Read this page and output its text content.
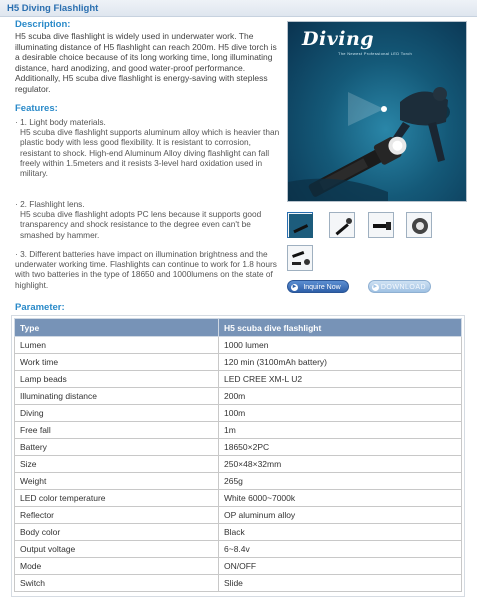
H5 Diving Flashlight
Description:
H5 scuba dive flashlight is widely used in underwater work. The illuminating distance of H5 flashlight can reach 200m. H5 dive torch is a desirable choice because of its long working time, long illuminating distance, hard anodizing, and good water-proof performance. Additionally, H5 scuba dive flashlight is energy-saving with stepless regulator.
Features:
· 1. Light body materials.
H5 scuba dive flashlight supports aluminum alloy which is heavier than plastic body with less good flexibility. It is resistant to corrosion, resistant to shock. High-end Aluminum Alloy diving flashlight can fall freely within 1.5meters and it resists 3-level hard oxidation used in military.
· 2. Flashlight lens.
H5 scuba dive flashlight adopts PC lens because it supports good transparency and shock resistance to the degree even can't be smashed by hammer.
· 3. Different batteries have impact on illumination brightness and the underwater working time. Flashlights can continue to work for 1.8 hours with two batteries in the type of 18650 and 1000lumens on the state of highlight.
Diving
The Newest Professional LED Torch
► Inquire Now	► DOWNLOAD
Parameter:
Type	H5 scuba dive flashlight
Lumen	1000 lumen
Work time	120 min (3100mAh battery)
Lamp beads	LED CREE XM-L U2
Illuminating distance	200m
Diving	100m
Free fall	1m
Battery	18650×2PC
Size	250×48×32mm
Weight	265g
LED color temperature	White 6000~7000k
Reflector	OP aluminum alloy
Body color	Black
Output voltage	6~8.4v
Mode	ON/OFF
Switch	Slide
